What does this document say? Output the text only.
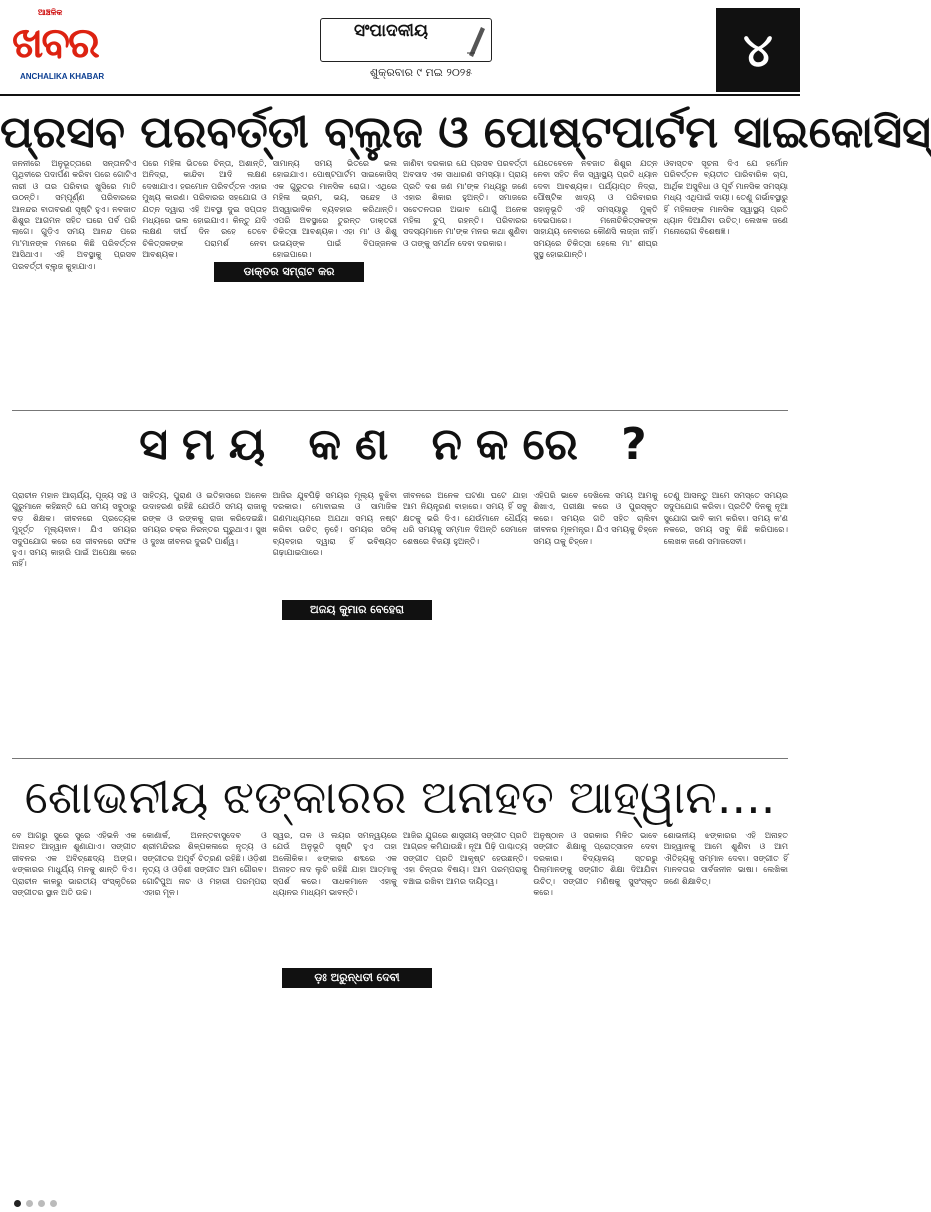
ଆଞ୍ଚଳିକ
ଖବର
ANCHALIKA KHABAR
ସଂପାଦକୀୟ
ଶୁକ୍ରବାର ୯ ମଇ ୨୦୨୫	୪
ପ୍ରସବ ପରବର୍ତ୍ତୀ ବ୍ଲୁଜ ଓ ପୋଷ୍ଟପାର୍ଟମ ସାଇକୋସିସ୍
ଜନନୀରେ ଅନୁଭୂତ୍ତାରେ ସନ୍ତାନଟିଏ ପୃଥିବୀରେ ପଦାର୍ପଣ କରିବା ପରେ ଗୋଟିଏ ନାରୀ ଓ ତାର ପରିବାର ଖୁସିରେ ମାତି ଉଠନ୍ତି। ସମ୍ପୂର୍ଣ୍ଣ ପରିବାରରେ ଆନନ୍ଦର ବାତାବରଣ ସୃଷ୍ଟି ହୁଏ। ନବଜାତ ଶିଶୁର ଆଗମନ ସହିତ ଘରେ ପର୍ବ ପରି ଲାଗେ। ଗୁଡ଼ିଏ ସମୟ ଆନନ୍ଦ ପରେ ମା'ମାନଙ୍କ ମନରେ କିଛି ପରିବର୍ତ୍ତନ ଆସିଥାଏ। ଏହି ଅବସ୍ଥାକୁ ପ୍ରସବ ପରବର୍ତ୍ତୀ ବ୍ଲୁଜ କୁହାଯାଏ।
ପରେ ମହିଳା ଭିତରେ ଚିନ୍ତା, ଅଶାନ୍ତି, ଅନିଦ୍ରା, କାନ୍ଦିବା ଆଦି ଲକ୍ଷଣ ଦେଖାଯାଏ। ହରମୋନ ପରିବର୍ତ୍ତନ ଏହାର ମୁଖ୍ୟ କାରଣ। ପରିବାରର ସହଯୋଗ ଓ ଯତ୍ନ ଦ୍ୱାରା ଏହି ଅବସ୍ଥା ଦୁଇ ସପ୍ତାହ ମଧ୍ୟରେ ଭଲ ହୋଇଯାଏ। କିନ୍ତୁ ଯଦି ଲକ୍ଷଣ ଦୀର୍ଘ ଦିନ ରହେ ତେବେ ଚିକିତ୍ସକଙ୍କ ପରାମର୍ଶ ନେବା ଆବଶ୍ୟକ।
ସାମାନ୍ୟ ସମୟ ଭିତରେ ଭଲ ହୋଇଯାଏ। ପୋଷ୍ଟପାର୍ଟମ ସାଇକୋସିସ୍ ଏକ ଗୁରୁତର ମାନସିକ ରୋଗ। ଏଥିରେ ମହିଳା ଭ୍ରମ, ଭୟ, ସନ୍ଦେହ ଓ ଅସ୍ୱାଭାବିକ ବ୍ୟବହାର କରିଥାନ୍ତି। ଏପରି ଅବସ୍ଥାରେ ତୁରନ୍ତ ଡାକ୍ତରୀ ଚିକିତ୍ସା ଆବଶ୍ୟକ। ଏହା ମା' ଓ ଶିଶୁ ଉଭୟଙ୍କ ପାଇଁ ବିପଜ୍ଜନକ ହୋଇପାରେ।
ଜାଣିବା ଦରକାର ଯେ ପ୍ରସବ ପରବର୍ତ୍ତୀ ଅବସାଦ ଏକ ସାଧାରଣ ସମସ୍ୟା। ପ୍ରାୟ ପ୍ରତି ଦଶ ଜଣ ମା'ଙ୍କ ମଧ୍ୟରୁ ଜଣେ ଏହାର ଶିକାର ହୁଅନ୍ତି। ସମାଜରେ ସଚେତନତାର ଅଭାବ ଯୋଗୁଁ ଅନେକ ମହିଳା ଚୁପ୍ ରହନ୍ତି। ପରିବାରର ସଦସ୍ୟମାନେ ମା'ଙ୍କ ମନର କଥା ଶୁଣିବା ଓ ତାଙ୍କୁ ସମର୍ଥନ ଦେବା ଦରକାର।
ଯେତେବେଳେ ନବଜାତ ଶିଶୁର ଯତ୍ନ ନେବା ସହିତ ନିଜ ସ୍ୱାସ୍ଥ୍ୟ ପ୍ରତି ଧ୍ୟାନ ଦେବା ଆବଶ୍ୟକ। ପର୍ଯ୍ୟାପ୍ତ ନିଦ୍ରା, ପୌଷ୍ଟିକ ଖାଦ୍ୟ ଓ ପରିବାରର ସହାନୁଭୂତି ଏହି ସମସ୍ୟାରୁ ମୁକ୍ତି ଦେଇପାରେ। ମନୋଚିକିତ୍ସକଙ୍କ ସାହାଯ୍ୟ ନେବାରେ କୌଣସି ଲଜ୍ଜା ନାହିଁ। ସମୟରେ ଚିକିତ୍ସା ହେଲେ ମା' ଶୀଘ୍ର ସୁସ୍ଥ ହୋଇଯାନ୍ତି।
ଓବାସ୍ତବ ସୂଚନା ଦିଏ ଯେ ହର୍ମୋନ ପରିବର୍ତ୍ତନ ବ୍ୟତୀତ ପାରିବାରିକ ଚାପ, ଆର୍ଥିକ ଅସୁବିଧା ଓ ପୂର୍ବ ମାନସିକ ସମସ୍ୟା ମଧ୍ୟ ଏଥିପାଇଁ ଦାୟୀ। ତେଣୁ ଗର୍ଭାବସ୍ଥାରୁ ହିଁ ମହିଳାଙ୍କ ମାନସିକ ସ୍ୱାସ୍ଥ୍ୟ ପ୍ରତି ଧ୍ୟାନ ଦିଆଯିବା ଉଚିତ୍। ଲେଖକ ଜଣେ ମନୋରୋଗ ବିଶେଷଜ୍ଞ।
ଡାକ୍ତର ସମ୍ରାଟ କର
ସମୟ କଣ ନକରେ ?
ପ୍ରାଚୀନ ମହାନ ଆଚାର୍ଯ୍ୟ, ପୂଜ୍ୟ ସନ୍ଥ ଓ ଗୁରୁମାନେ କହିଛନ୍ତି ଯେ ସମୟ ସବୁଠାରୁ ବଡ଼ ଶିକ୍ଷକ। ଜୀବନରେ ପ୍ରତ୍ୟେକ ମୁହୂର୍ତ୍ତ ମୂଲ୍ୟବାନ। ଯିଏ ସମୟର ସଦୁପଯୋଗ କରେ ସେ ଜୀବନରେ ସଫଳ ହୁଏ। ସମୟ କାହାରି ପାଇଁ ଅପେକ୍ଷା କରେ ନାହିଁ।
ସାହିତ୍ୟ, ପୁରାଣ ଓ ଇତିହାସରେ ଅନେକ ଉଦାହରଣ ରହିଛି ଯେଉଁଠି ସମୟ ରାଜାକୁ ରଙ୍କ ଓ ରଙ୍କକୁ ରାଜା କରିଦେଇଛି। ସମୟର ଚକ୍ର ନିରନ୍ତର ଘୂରୁଥାଏ। ସୁଖ ଓ ଦୁଃଖ ଜୀବନର ଦୁଇଟି ପାର୍ଶ୍ୱ।
ଆଜିର ଯୁବପିଢ଼ି ସମୟର ମୂଲ୍ୟ ବୁଝିବା ଦରକାର। ମୋବାଇଲ ଓ ସାମାଜିକ ଗଣମାଧ୍ୟମରେ ଅଯଥା ସମୟ ନଷ୍ଟ କରିବା ଉଚିତ୍ ନୁହେଁ। ସମୟର ସଠିକ୍ ବ୍ୟବହାର ଦ୍ୱାରା ହିଁ ଭବିଷ୍ୟତ ଗଢ଼ାଯାଇପାରେ।
ଜୀବନରେ ଅନେକ ଘଟଣା ଘଟେ ଯାହା ଆମ ନିୟନ୍ତ୍ରଣ ବାହାରେ। ସମୟ ହିଁ ସବୁ କ୍ଷତକୁ ଭରି ଦିଏ। ଯେଉଁମାନେ ଧୈର୍ଯ୍ୟ ଧରି ସମୟକୁ ସମ୍ମାନ ଦିଅନ୍ତି ସେମାନେ ଶେଷରେ ବିଜୟୀ ହୁଅନ୍ତି।
ଏହିପରି ଭାବେ ଦେଖିଲେ ସମୟ ଆମକୁ ଶିଖାଏ, ପରୀକ୍ଷା କରେ ଓ ପୁରସ୍କୃତ କରେ। ସମୟର ଗତି ସହିତ ଚାଲିବା ଜୀବନର ମୂଳମନ୍ତ୍ର। ଯିଏ ସମୟକୁ ଚିହ୍ନେ ସମୟ ତାକୁ ଚିହ୍ନେ।
ତେଣୁ ଆସନ୍ତୁ ଆମେ ସମସ୍ତେ ସମୟର ସଦୁପଯୋଗ କରିବା। ପ୍ରତିଟି ଦିନକୁ ନୂଆ ସୁଯୋଗ ଭାବି କାମ କରିବା। ସମୟ କ'ଣ ନକରେ, ସମୟ ସବୁ କିଛି କରିପାରେ। ଲେଖକ ଜଣେ ସମାଜସେବୀ।
ଅଜୟ କୁମାର ବେହେରା
ଶୋଭନୀୟ ଝଙ୍କାରର ଅନାହତ ଆହ୍ୱାନ....
ବେ ଆଗରୁ ସୁରେ ସୁରେ ଏହିଭଳି ଏକ ଅନାହତ ଆହ୍ୱାନ ଶୁଣାଯାଏ। ସଙ୍ଗୀତ ଜୀବନର ଏକ ଅବିଚ୍ଛେଦ୍ୟ ଅଙ୍ଗ। ଝଙ୍କାରର ମାଧୁର୍ଯ୍ୟ ମନକୁ ଶାନ୍ତି ଦିଏ। ପ୍ରାଚୀନ କାଳରୁ ଭାରତୀୟ ସଂସ୍କୃତିରେ ସଙ୍ଗୀତର ସ୍ଥାନ ଅତି ଉଚ୍ଚ।
କୋଣାର୍କ, ଅନନ୍ତବାସୁଦେବ ଓ ଶ୍ରୀମନ୍ଦିରର ଶିଳ୍ପକଳାରେ ନୃତ୍ୟ ଓ ସଙ୍ଗୀତର ଅପୂର୍ବ ଚିତ୍ରଣ ରହିଛି। ଓଡ଼ିଶୀ ନୃତ୍ୟ ଓ ଓଡ଼ିଶୀ ସଙ୍ଗୀତ ଆମ ଗୌରବ। ଗୋଟିପୁଅ ନାଚ ଓ ମହାରୀ ପରମ୍ପରା ଏହାର ମୂଳ।
ସ୍ୱର, ତାଳ ଓ ଲୟର ସମନ୍ୱୟରେ ଯେଉଁ ଅନୁଭୂତି ସୃଷ୍ଟି ହୁଏ ତାହା ଅଲୌକିକ। ଝଙ୍କାର ଶବ୍ଦରେ ଏକ ଅନାହତ ନାଦ ଲୁଚି ରହିଛି ଯାହା ଆତ୍ମାକୁ ସ୍ପର୍ଶ କରେ। ସାଧକମାନେ ଏହାକୁ ଧ୍ୟାନର ମାଧ୍ୟମ ଭାବନ୍ତି।
ଆଜିର ଯୁଗରେ ଶାସ୍ତ୍ରୀୟ ସଙ୍ଗୀତ ପ୍ରତି ଆଗ୍ରହ କମିଯାଉଛି। ନୂଆ ପିଢ଼ି ପାଶ୍ଚାତ୍ୟ ସଙ୍ଗୀତ ପ୍ରତି ଆକୃଷ୍ଟ ହେଉଛନ୍ତି। ଏହା ଚିନ୍ତାର ବିଷୟ। ଆମ ପରମ୍ପରାକୁ ବଞ୍ଚାଇ ରଖିବା ଆମର ଦାୟିତ୍ୱ।
ଅନୁଷ୍ଠାନ ଓ ସରକାର ମିଳିତ ଭାବେ ସଙ୍ଗୀତ ଶିକ୍ଷାକୁ ପ୍ରୋତ୍ସାହନ ଦେବା ଦରକାର। ବିଦ୍ୟାଳୟ ସ୍ତରରୁ ପିଲାମାନଙ୍କୁ ସଙ୍ଗୀତ ଶିକ୍ଷା ଦିଆଯିବା ଉଚିତ୍। ସଙ୍ଗୀତ ମଣିଷକୁ ସୁସଂସ୍କୃତ କରେ।
ଶୋଭନୀୟ ଝଙ୍କାରର ଏହି ଅନାହତ ଆହ୍ୱାନକୁ ଆମେ ଶୁଣିବା ଓ ଆମ ଐତିହ୍ୟକୁ ସମ୍ମାନ ଦେବା। ସଙ୍ଗୀତ ହିଁ ମାନବତାର ସାର୍ବଜନୀନ ଭାଷା। ଲେଖିକା ଜଣେ ଶିକ୍ଷାବିତ୍।
ଡ଼ଃ ଅରୁନ୍ଧତୀ ଦେବୀ
